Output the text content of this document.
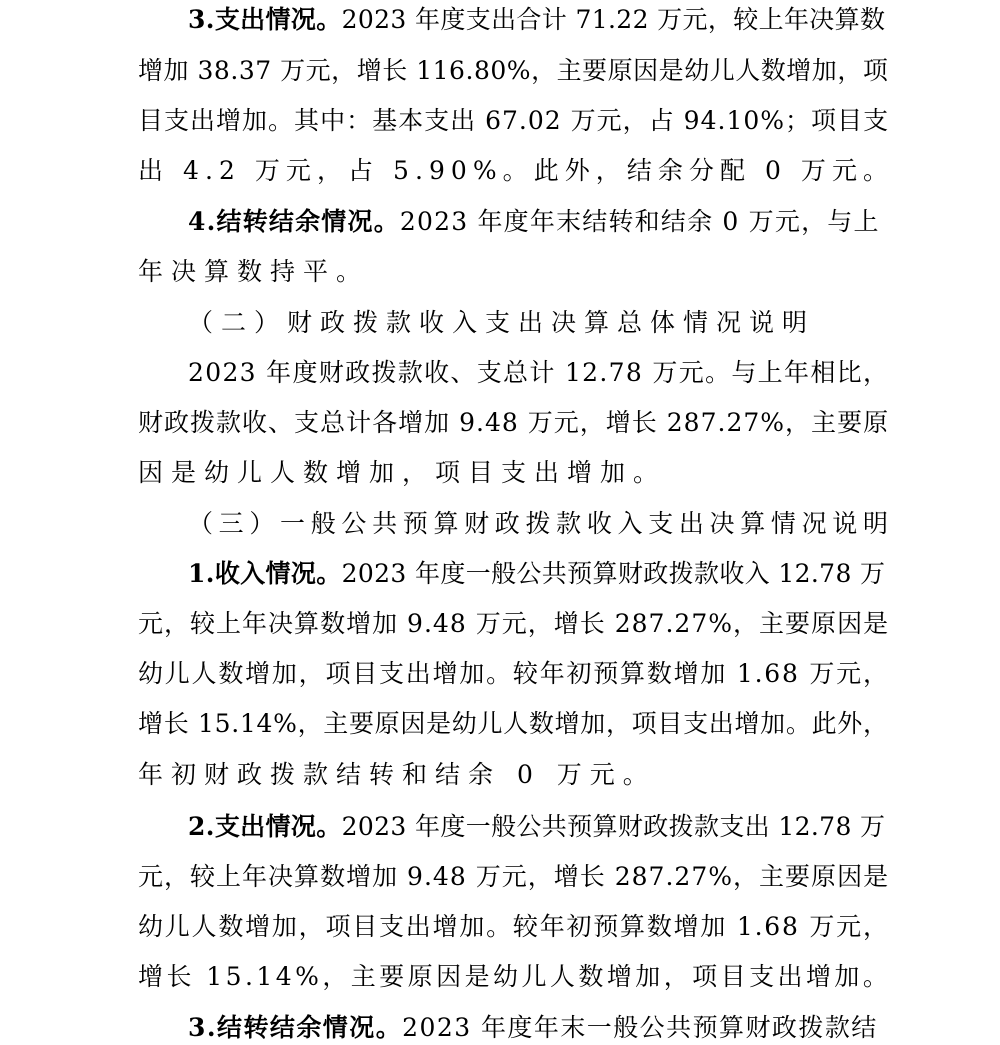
3.支出情况。2023 年度支出合计 71.22 万元，较上年决算数
增加 38.37 万元，增长 116.80%，主要原因是幼儿人数增加，项
目支出增加。其中：基本支出 67.02 万元，占 94.10%；项目支
出 4.2 万元，占 5.90%。此外，结余分配 0 万元。
4.结转结余情况。2023 年度年末结转和结余 0 万元，与上
年决算数持平。
（二）财政拨款收入支出决算总体情况说明
2023 年度财政拨款收、支总计 12.78 万元。与上年相比，
财政拨款收、支总计各增加 9.48 万元，增长 287.27%，主要原
因是幼儿人数增加，项目支出增加。
（三）一般公共预算财政拨款收入支出决算情况说明
1.收入情况。2023 年度一般公共预算财政拨款收入 12.78 万
元，较上年决算数增加 9.48 万元，增长 287.27%，主要原因是
幼儿人数增加，项目支出增加。较年初预算数增加 1.68 万元，
增长 15.14%，主要原因是幼儿人数增加，项目支出增加。此外，
年初财政拨款结转和结余 0 万元。
2.支出情况。2023 年度一般公共预算财政拨款支出 12.78 万
元，较上年决算数增加 9.48 万元，增长 287.27%，主要原因是
幼儿人数增加，项目支出增加。较年初预算数增加 1.68 万元，
增长 15.14%，主要原因是幼儿人数增加，项目支出增加。
3.结转结余情况。2023 年度年末一般公共预算财政拨款结
